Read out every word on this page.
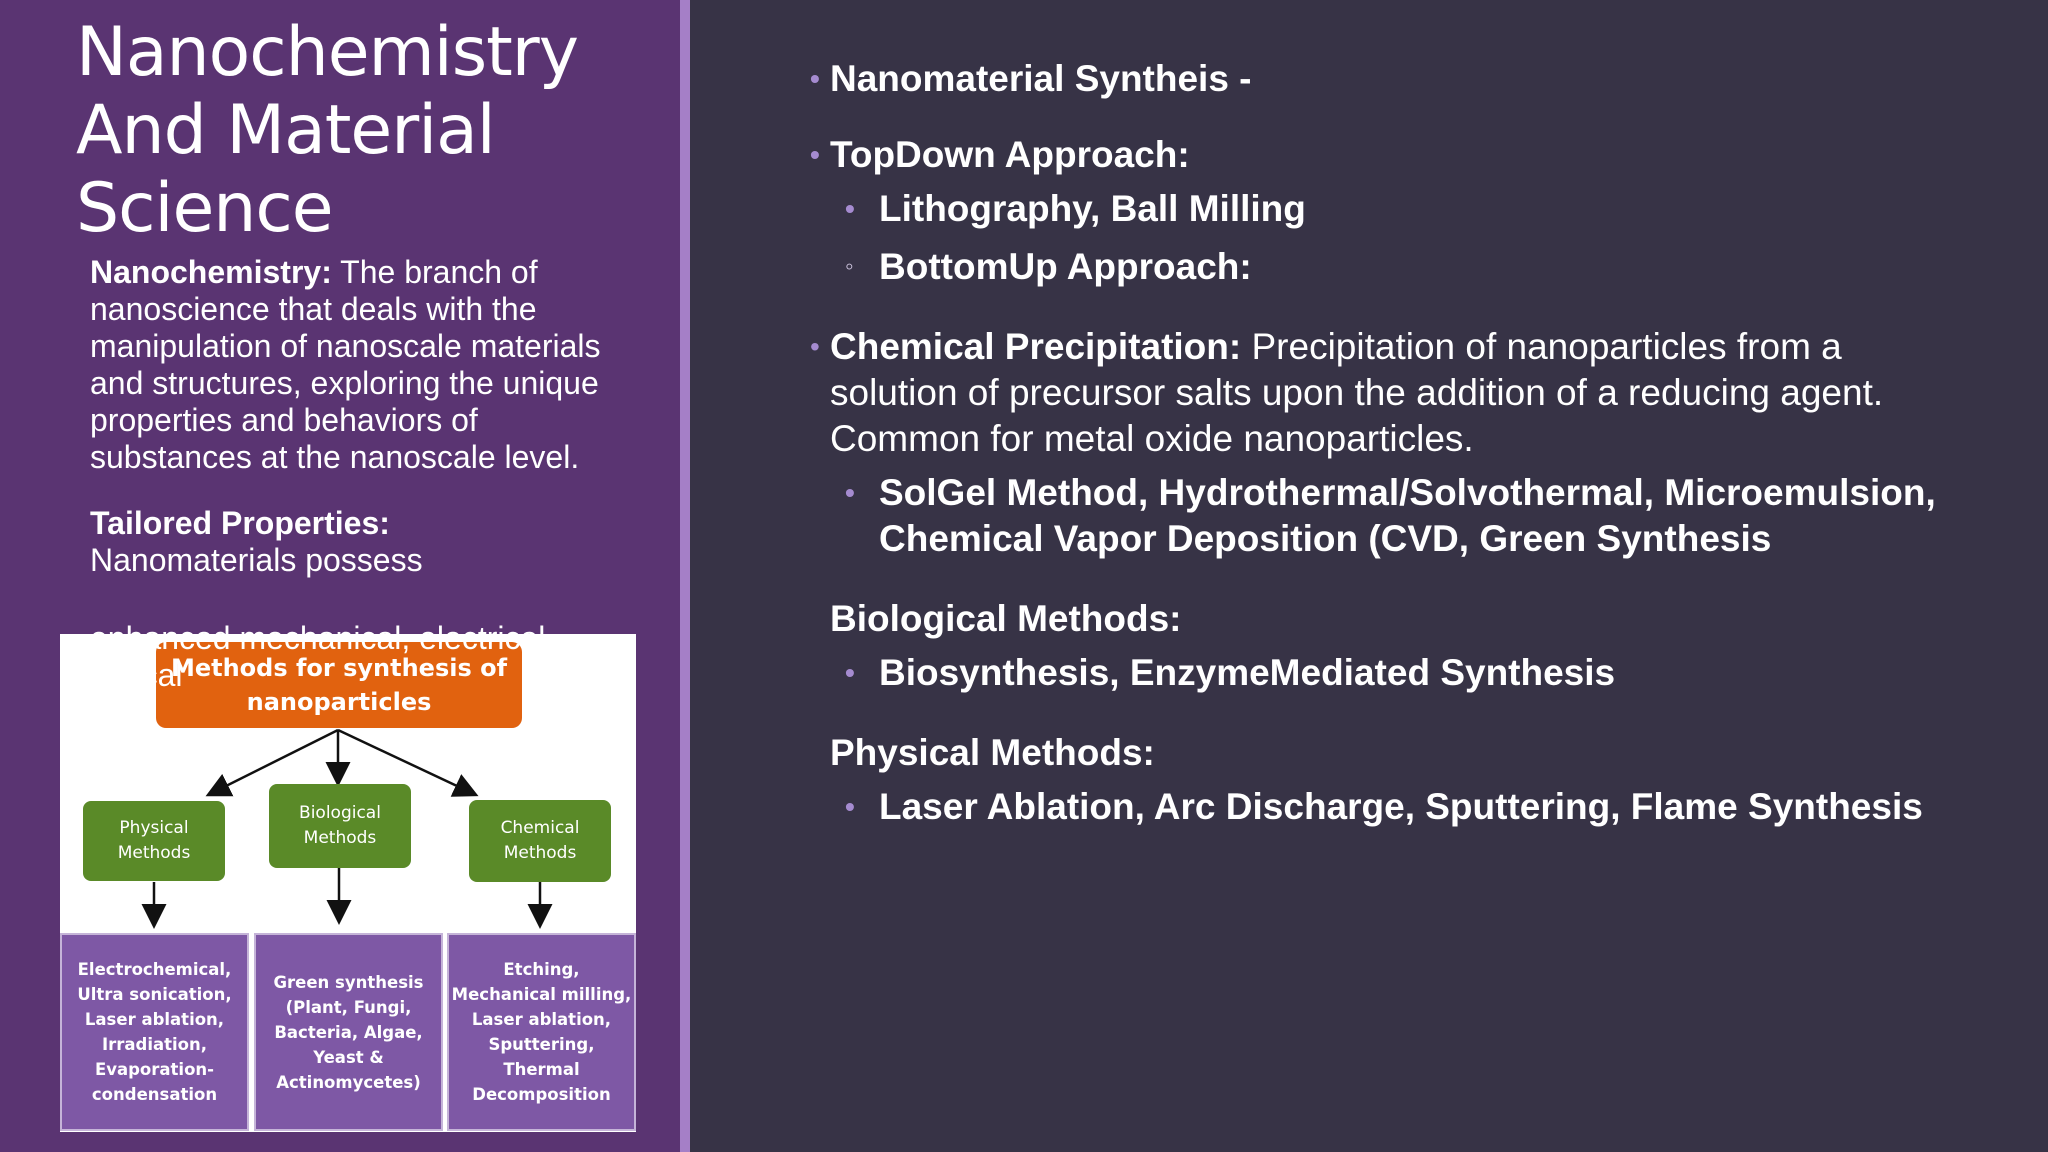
Nanochemistry And Material Science

Nanochemistry: The branch of nanoscience that deals with the manipulation of nanoscale materials and structures, exploring the unique properties and behaviors of substances at the nanoscale level.

Tailored Properties:
Nanomaterials possess

Methods for synthesis of nanoparticles
Physical
Methods
Biological
Methods	Chemical
Methods
Electrochemical,
Ultra sonication,
Laser ablation,
Irradiation,
Evaporation-
condensation
Green synthesis
(Plant, Fungi,
Bacteria, Algae,
Yeast &
Actinomycetes)
Etching,
Mechanical milling,
Laser ablation,
Sputtering,
Thermal
Decomposition
enhanced mechanical, electrical
optical
• Nanomaterial Syntheis -
• TopDown Approach:
• Lithography, Ball Milling
◦ BottomUp Approach:
• Chemical Precipitation: Precipitation of nanoparticles from a solution of precursor salts upon the addition of a reducing agent. Common for metal oxide nanoparticles.
• SolGel Method, Hydrothermal/Solvothermal, Microemulsion, Chemical Vapor Deposition (CVD, Green Synthesis
Biological Methods:
• Biosynthesis, EnzymeMediated Synthesis
Physical Methods:
• Laser Ablation, Arc Discharge, Sputtering, Flame Synthesis
